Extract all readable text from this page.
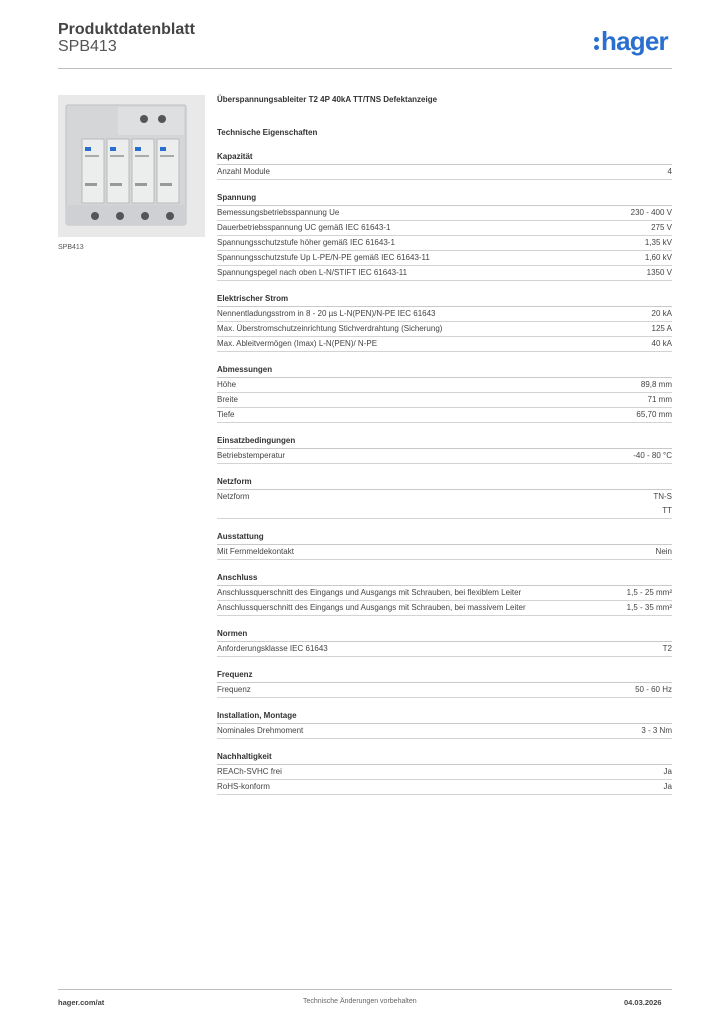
Produktdatenblatt
SPB413	hager
SPB413
Überspannungsableiter T2 4P 40kA TT/TNS Defektanzeige
Technische Eigenschaften
Kapazität
Anzahl Module	4
Spannung
Bemessungsbetriebsspannung Ue	230 - 400 V
Dauerbetriebsspannung UC gemäß IEC 61643-1	275 V
Spannungsschutzstufe höher gemäß IEC 61643-1	1,35 kV
Spannungsschutzstufe Up L-PE/N-PE gemäß IEC 61643-11	1,60 kV
Spannungspegel nach oben L-N/STIFT IEC 61643-11	1350 V
Elektrischer Strom
Nennentladungsstrom in 8 - 20 µs L-N(PEN)/N-PE IEC 61643	20 kA
Max. Überstromschutzeinrichtung Stichverdrahtung (Sicherung)	125 A
Max. Ableitvermögen (Imax) L-N(PEN)/ N-PE	40 kA
Abmessungen
Höhe	89,8 mm
Breite	71 mm
Tiefe	65,70 mm
Einsatzbedingungen
Betriebstemperatur	-40 - 80 °C
Netzform
Netzform	TN-S
TT
Ausstattung
Mit Fernmeldekontakt	Nein
Anschluss
Anschlussquerschnitt des Eingangs und Ausgangs mit Schrauben, bei flexiblem Leiter	1,5 - 25 mm²
Anschlussquerschnitt des Eingangs und Ausgangs mit Schrauben, bei massivem Leiter	1,5 - 35 mm²
Normen
Anforderungsklasse IEC 61643	T2
Frequenz
Frequenz	50 - 60 Hz
Installation, Montage
Nominales Drehmoment	3 - 3 Nm
Nachhaltigkeit
REACh-SVHC frei	Ja
RoHS-konform	Ja
hager.com/at	Technische Änderungen vorbehalten	04.03.2026
